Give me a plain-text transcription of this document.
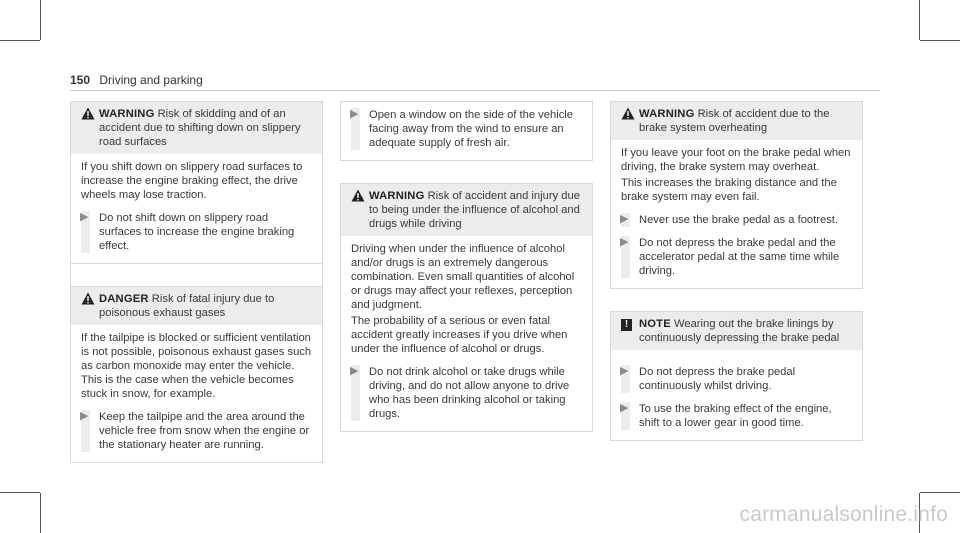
150 Driving and parking
WARNING Risk of skidding and of an accident due to shifting down on slippery road surfaces

If you shift down on slippery road surfaces to increase the engine braking effect, the drive wheels may lose traction.

▶ Do not shift down on slippery road surfaces to increase the engine braking effect.
DANGER Risk of fatal injury due to poisonous exhaust gases

If the tailpipe is blocked or sufficient ventilation is not possible, poisonous exhaust gases such as carbon monoxide may enter the vehicle. This is the case when the vehicle becomes stuck in snow, for example.

▶ Keep the tailpipe and the area around the vehicle free from snow when the engine or the stationary heater are running.
▶ Open a window on the side of the vehicle facing away from the wind to ensure an adequate supply of fresh air.
WARNING Risk of accident and injury due to being under the influence of alcohol and drugs while driving

Driving when under the influence of alcohol and/or drugs is an extremely dangerous combination. Even small quantities of alcohol or drugs may affect your reflexes, perception and judgment.

The probability of a serious or even fatal accident greatly increases if you drive when under the influence of alcohol or drugs.

▶ Do not drink alcohol or take drugs while driving, and do not allow anyone to drive who has been drinking alcohol or taking drugs.
WARNING Risk of accident due to the brake system overheating

If you leave your foot on the brake pedal when driving, the brake system may overheat.

This increases the braking distance and the brake system may even fail.

▶ Never use the brake pedal as a footrest.
▶ Do not depress the brake pedal and the accelerator pedal at the same time while driving.
! NOTE Wearing out the brake linings by continuously depressing the brake pedal
▶ Do not depress the brake pedal continuously whilst driving.
▶ To use the braking effect of the engine, shift to a lower gear in good time.
carmanualsonline.info
